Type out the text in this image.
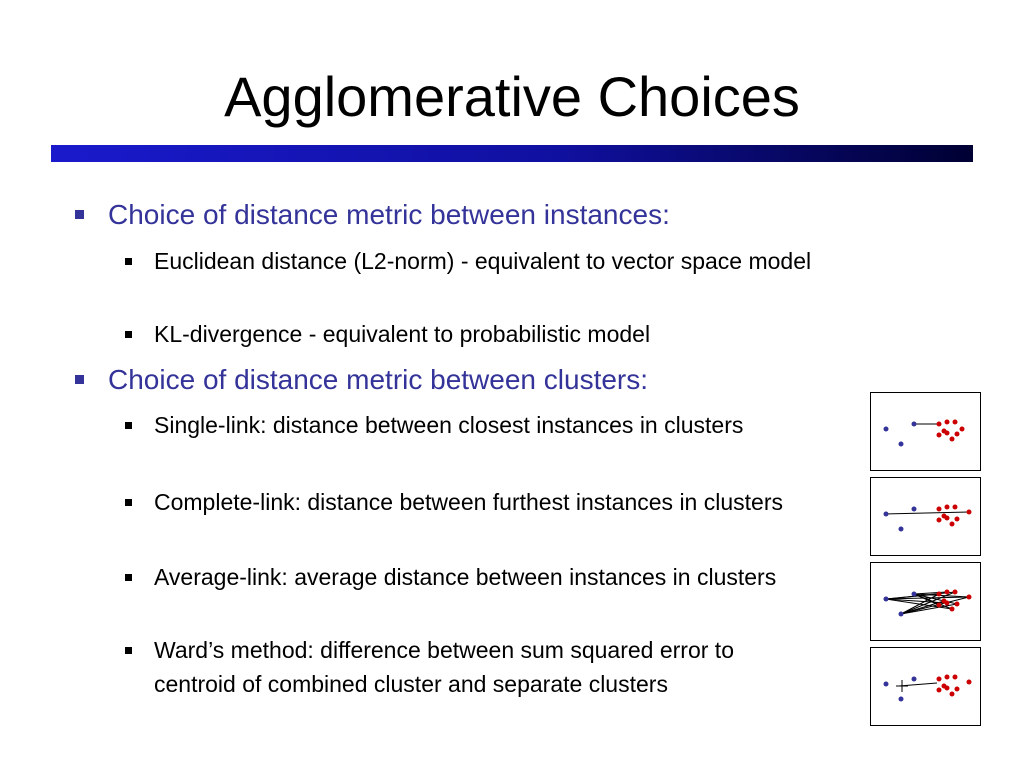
Agglomerative Choices
Choice of distance metric between instances:
Euclidean distance (L2-norm) - equivalent to vector space model
KL-divergence - equivalent to probabilistic model
Choice of distance metric between clusters:
Single-link: distance between closest instances in clusters
Complete-link: distance between furthest instances in clusters
Average-link: average distance between instances in clusters
Ward’s method: difference between sum squared error to centroid of combined cluster and separate clusters
